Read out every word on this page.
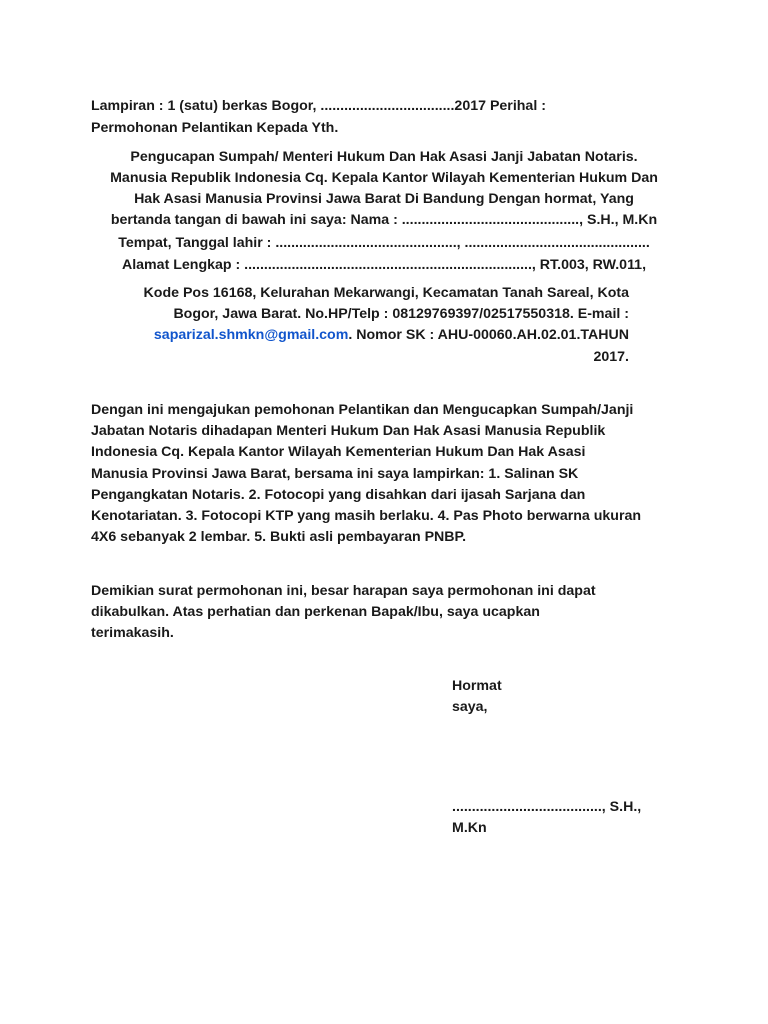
Lampiran : 1 (satu) berkas Bogor, ..................................2017 Perihal :
Permohonan Pelantikan Kepada Yth.
Pengucapan Sumpah/ Menteri Hukum Dan Hak Asasi Janji Jabatan Notaris.
Manusia Republik Indonesia Cq. Kepala Kantor Wilayah Kementerian Hukum Dan
Hak Asasi Manusia Provinsi Jawa Barat Di Bandung Dengan hormat, Yang
bertanda tangan di bawah ini saya: Nama : ............................................., S.H., M.Kn
Tempat, Tanggal lahir : .............................................., ...............................................
Alamat Lengkap : ........................................................................., RT.003, RW.011,
Kode Pos 16168, Kelurahan Mekarwangi, Kecamatan Tanah Sareal, Kota
Bogor, Jawa Barat. No.HP/Telp : 08129769397/02517550318. E-mail :
saparizal.shmkn@gmail.com. Nomor SK : AHU-00060.AH.02.01.TAHUN
2017.
Dengan ini mengajukan pemohonan Pelantikan dan Mengucapkan Sumpah/Janji
Jabatan Notaris dihadapan Menteri Hukum Dan Hak Asasi Manusia Republik
Indonesia Cq. Kepala Kantor Wilayah Kementerian Hukum Dan Hak Asasi
Manusia Provinsi Jawa Barat, bersama ini saya lampirkan: 1. Salinan SK
Pengangkatan Notaris. 2. Fotocopi yang disahkan dari ijasah Sarjana dan
Kenotariatan. 3. Fotocopi KTP yang masih berlaku. 4. Pas Photo berwarna ukuran
4X6 sebanyak 2 lembar. 5. Bukti asli pembayaran PNBP.
Demikian surat permohonan ini, besar harapan saya permohonan ini dapat
dikabulkan. Atas perhatian dan perkenan Bapak/Ibu, saya ucapkan
terimakasih.
Hormat
saya,
......................................, S.H.,
M.Kn
